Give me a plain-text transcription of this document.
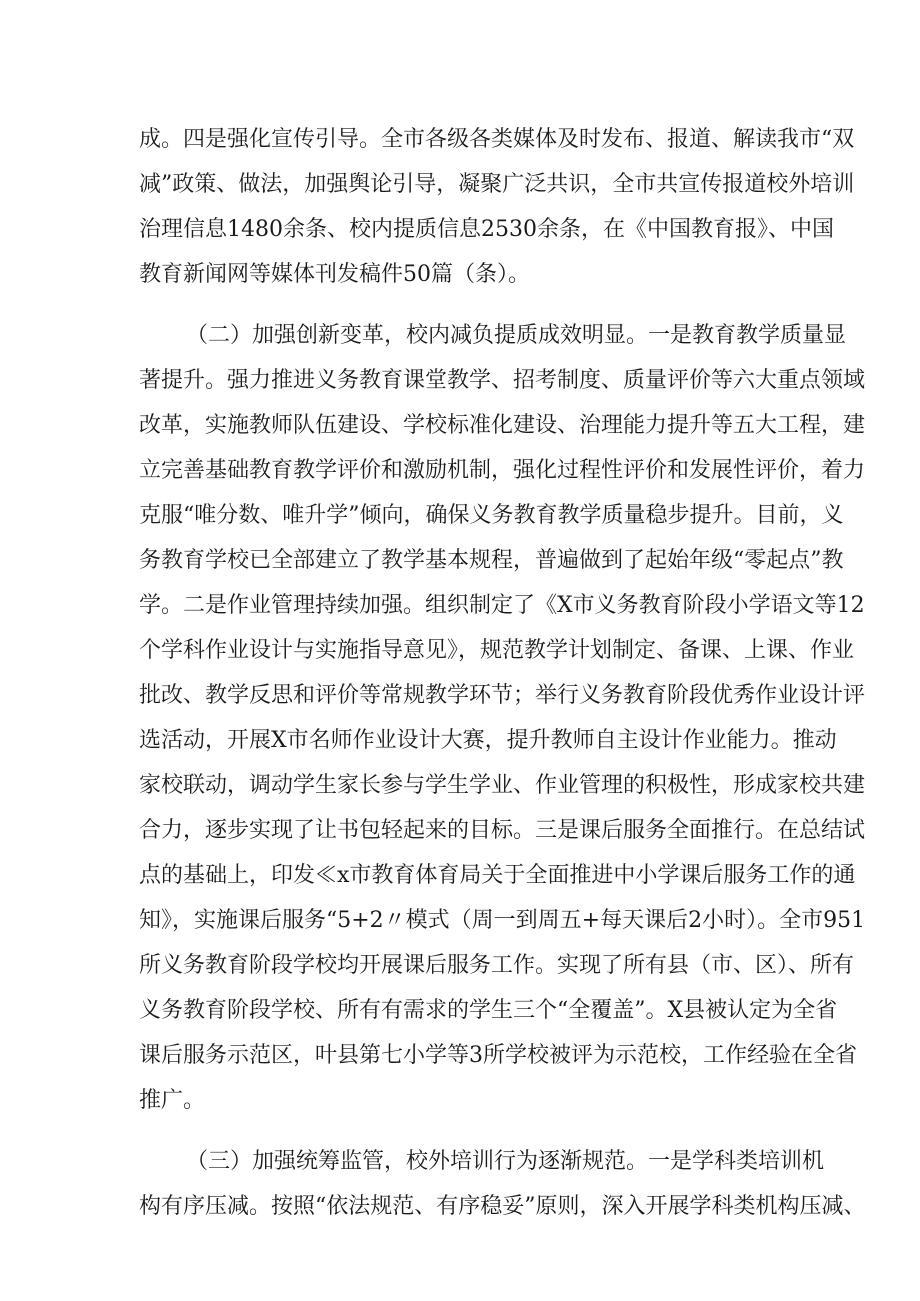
成。四是强化宣传引导。全市各级各类媒体及时发布、报道、解读我市“双
减”政策、做法，加强舆论引导，凝聚广泛共识，全市共宣传报道校外培训
治理信息1480余条、校内提质信息2530余条，在《中国教育报》、中国
教育新闻网等媒体刊发稿件50篇（条）。
（二）加强创新变革，校内减负提质成效明显。一是教育教学质量显
著提升。强力推进义务教育课堂教学、招考制度、质量评价等六大重点领域
改革，实施教师队伍建设、学校标准化建设、治理能力提升等五大工程，建
立完善基础教育教学评价和激励机制，强化过程性评价和发展性评价，着力
克服“唯分数、唯升学”倾向，确保义务教育教学质量稳步提升。目前，义
务教育学校已全部建立了教学基本规程，普遍做到了起始年级“零起点”教
学。二是作业管理持续加强。组织制定了《X市义务教育阶段小学语文等12
个学科作业设计与实施指导意见》，规范教学计划制定、备课、上课、作业
批改、教学反思和评价等常规教学环节；举行义务教育阶段优秀作业设计评
选活动，开展X市名师作业设计大赛，提升教师自主设计作业能力。推动
家校联动，调动学生家长参与学生学业、作业管理的积极性，形成家校共建
合力，逐步实现了让书包轻起来的目标。三是课后服务全面推行。在总结试
点的基础上，印发≪x市教育体育局关于全面推进中小学课后服务工作的通
知》，实施课后服务“5+2〃模式（周一到周五+每天课后2小时）。全市951
所义务教育阶段学校均开展课后服务工作。实现了所有县（市、区）、所有
义务教育阶段学校、所有有需求的学生三个“全覆盖”。X县被认定为全省
课后服务示范区，叶县第七小学等3所学校被评为示范校，工作经验在全省
推广。
（三）加强统筹监管，校外培训行为逐渐规范。一是学科类培训机
构有序压减。按照“依法规范、有序稳妥”原则，深入开展学科类机构压减、
